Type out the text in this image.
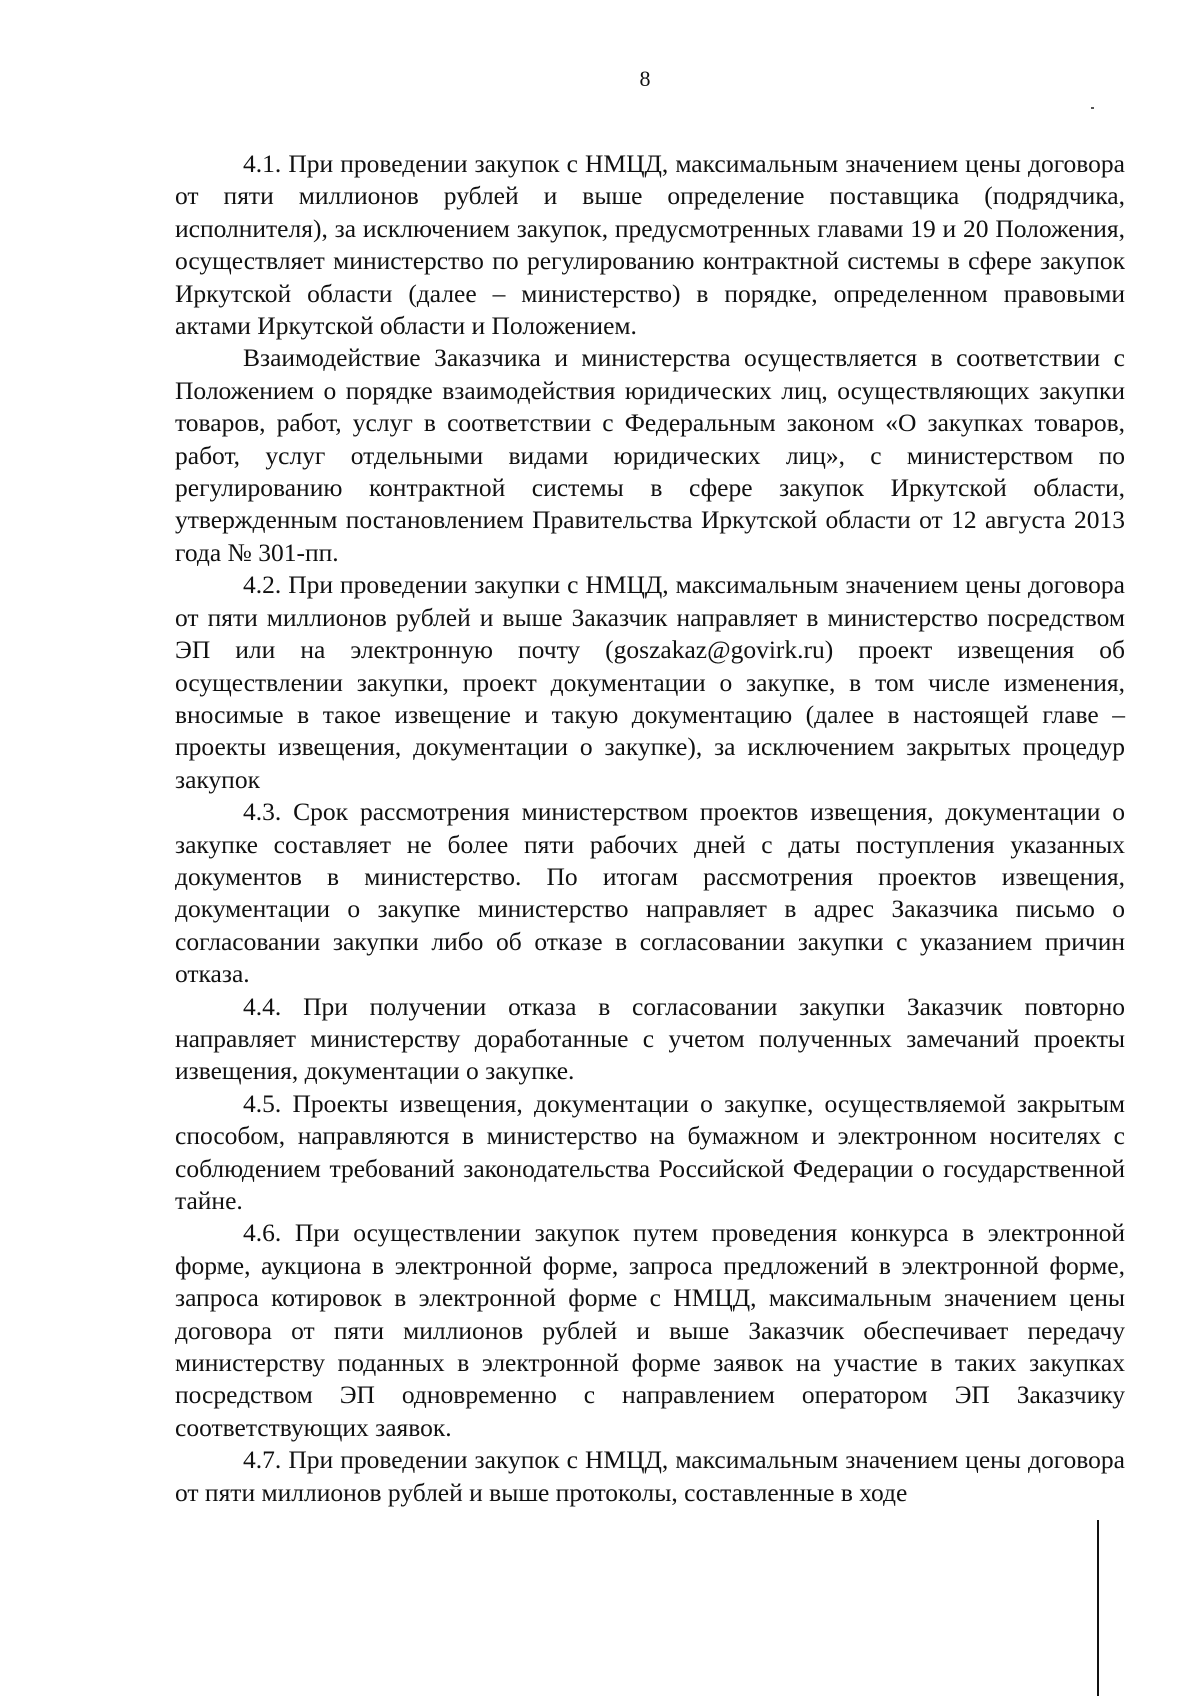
8

4.1. При проведении закупок с НМЦД, максимальным значением цены договора от пяти миллионов рублей и выше определение поставщика (подрядчика, исполнителя), за исключением закупок, предусмотренных главами 19 и 20 Положения, осуществляет министерство по регулированию контрактной системы в сфере закупок Иркутской области (далее – министерство) в порядке, определенном правовыми актами Иркутской области и Положением.

Взаимодействие Заказчика и министерства осуществляется в соответствии с Положением о порядке взаимодействия юридических лиц, осуществляющих закупки товаров, работ, услуг в соответствии с Федеральным законом «О закупках товаров, работ, услуг отдельными видами юридических лиц», с министерством по регулированию контрактной системы в сфере закупок Иркутской области, утвержденным постановлением Правительства Иркутской области от 12 августа 2013 года № 301-пп.

4.2. При проведении закупки с НМЦД, максимальным значением цены договора от пяти миллионов рублей и выше Заказчик направляет в министерство посредством ЭП или на электронную почту (goszakaz@govirk.ru) проект извещения об осуществлении закупки, проект документации о закупке, в том числе изменения, вносимые в такое извещение и такую документацию (далее в настоящей главе – проекты извещения, документации о закупке), за исключением закрытых процедур закупок

4.3. Срок рассмотрения министерством проектов извещения, документации о закупке составляет не более пяти рабочих дней с даты поступления указанных документов в министерство. По итогам рассмотрения проектов извещения, документации о закупке министерство направляет в адрес Заказчика письмо о согласовании закупки либо об отказе в согласовании закупки с указанием причин отказа.

4.4. При получении отказа в согласовании закупки Заказчик повторно направляет министерству доработанные с учетом полученных замечаний проекты извещения, документации о закупке.

4.5. Проекты извещения, документации о закупке, осуществляемой закрытым способом, направляются в министерство на бумажном и электронном носителях с соблюдением требований законодательства Российской Федерации о государственной тайне.

4.6. При осуществлении закупок путем проведения конкурса в электронной форме, аукциона в электронной форме, запроса предложений в электронной форме, запроса котировок в электронной форме с НМЦД, максимальным значением цены договора от пяти миллионов рублей и выше Заказчик обеспечивает передачу министерству поданных в электронной форме заявок на участие в таких закупках посредством ЭП одновременно с направлением оператором ЭП Заказчику соответствующих заявок.

4.7. При проведении закупок с НМЦД, максимальным значением цены договора от пяти миллионов рублей и выше протоколы, составленные в ходе
